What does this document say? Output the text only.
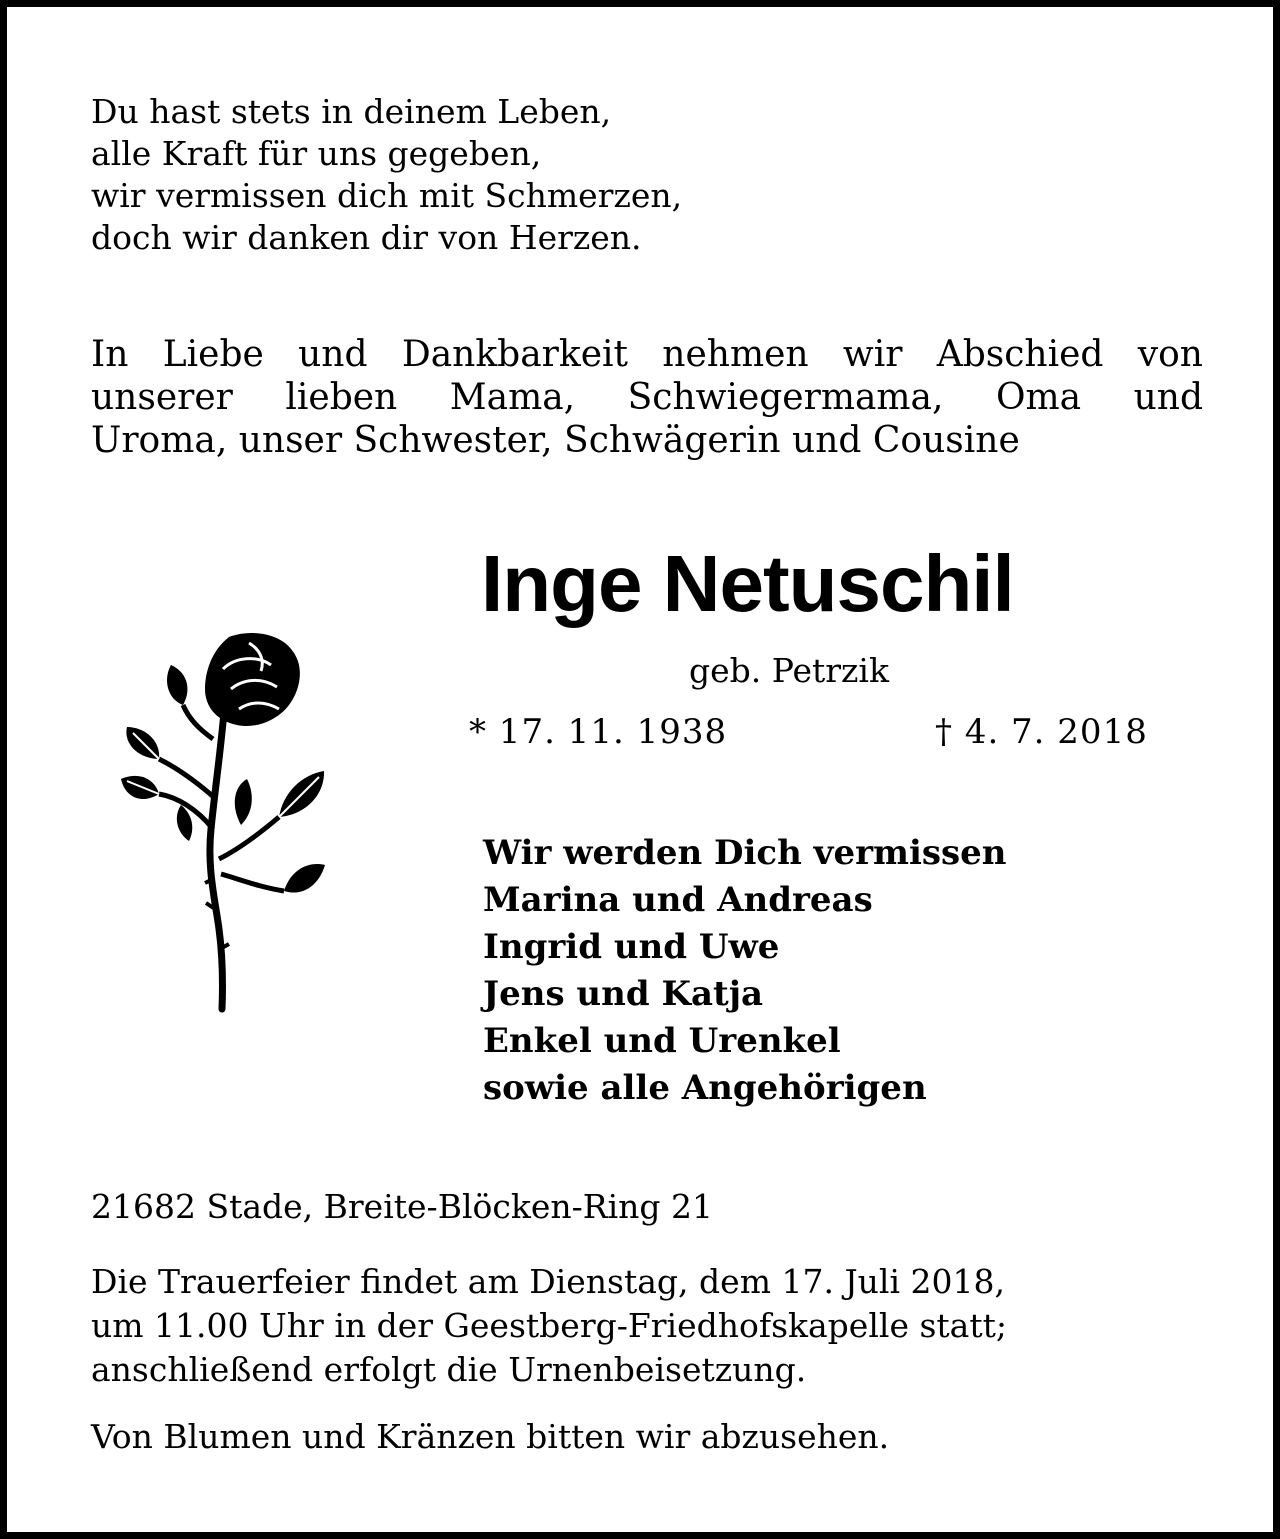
Du hast stets in deinem Leben,
alle Kraft für uns gegeben,
wir vermissen dich mit Schmerzen,
doch wir danken dir von Herzen.
In Liebe und Dankbarkeit nehmen wir Abschied von
unserer lieben Mama, Schwiegermama, Oma und
Uroma, unser Schwester, Schwägerin und Cousine
Inge Netuschil
geb. Petrzik
* 17. 11. 1938	† 4. 7. 2018
Wir werden Dich vermissen
Marina und Andreas
Ingrid und Uwe
Jens und Katja
Enkel und Urenkel
sowie alle Angehörigen
21682 Stade, Breite-Blöcken-Ring 21
Die Trauerfeier findet am Dienstag, dem 17. Juli 2018,
um 11.00 Uhr in der Geestberg-Friedhofskapelle statt;
anschließend erfolgt die Urnenbeisetzung.
Von Blumen und Kränzen bitten wir abzusehen.
